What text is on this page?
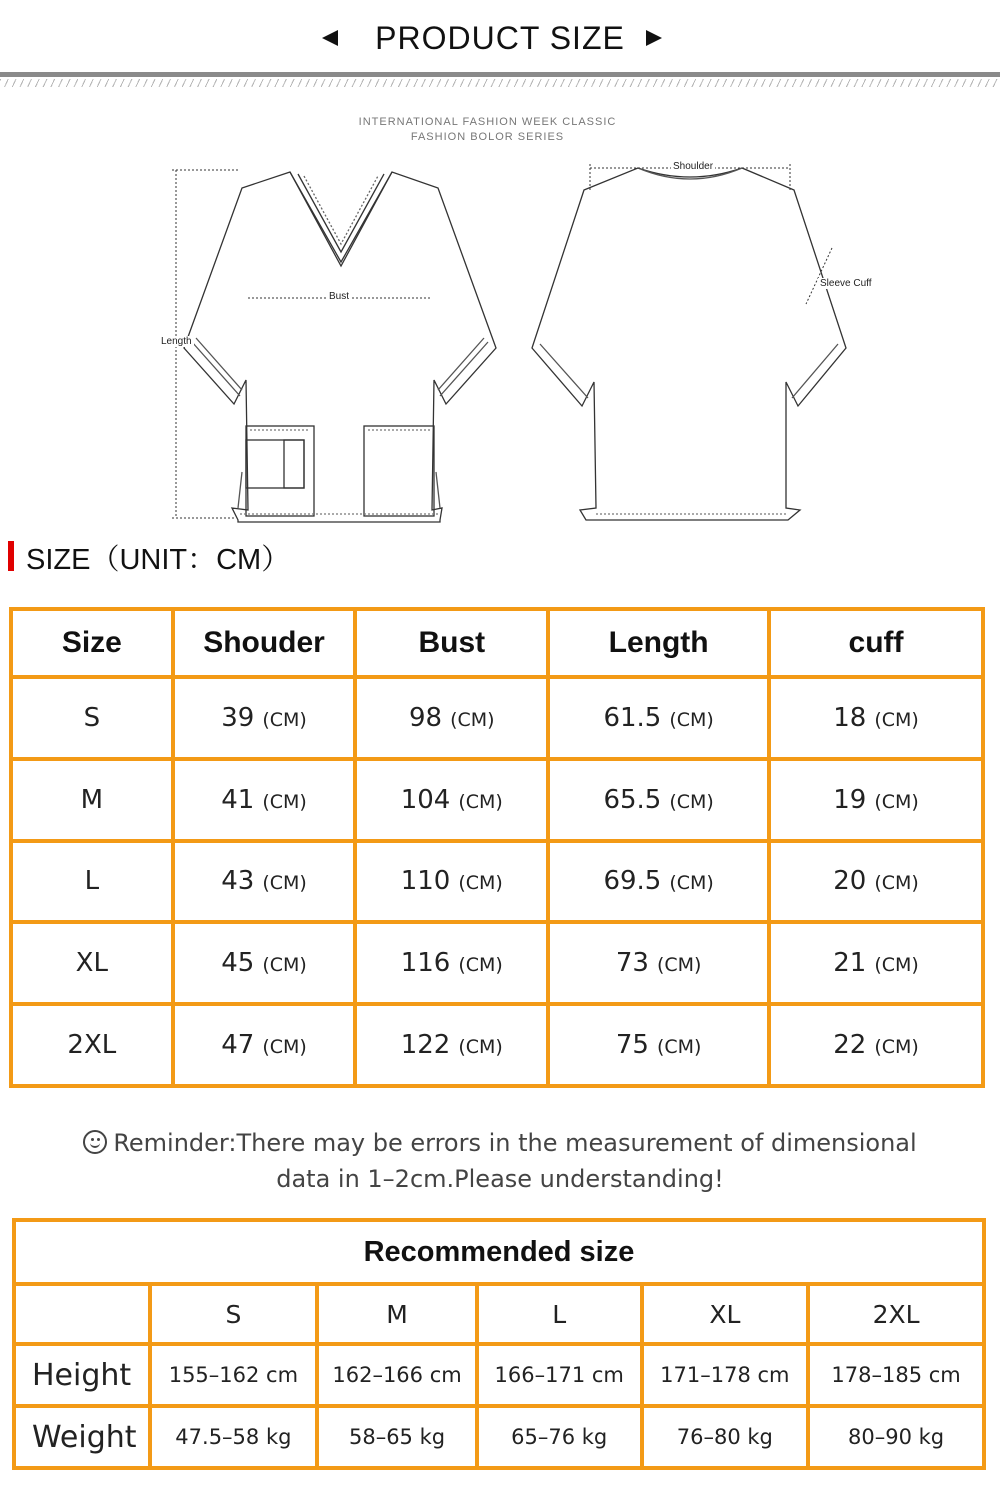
PRODUCT SIZE
INTERNATIONAL FASHION WEEK CLASSIC
FASHION BOLOR SERIES
Length
Bust
Shoulder
Sleeve Cuff
SIZE（UNIT：CM）
Size	Shouder	Bust	Length	cuff
S	39 (CM)	98 (CM)	61.5 (CM)	18 (CM)
M	41 (CM)	104 (CM)	65.5 (CM)	19 (CM)
L	43 (CM)	110 (CM)	69.5 (CM)	20 (CM)
XL	45 (CM)	116 (CM)	73 (CM)	21 (CM)
2XL	47 (CM)	122 (CM)	75 (CM)	22 (CM)
Reminder:There may be errors in the measurement of dimensional
data in 1–2cm.Please understanding!
Recommended size					
	S	M	L	XL	2XL
Height	155–162 cm	162–166 cm	166–171 cm	171–178 cm	178–185 cm
Weight	47.5–58 kg	58–65 kg	65–76 kg	76–80 kg	80–90 kg
